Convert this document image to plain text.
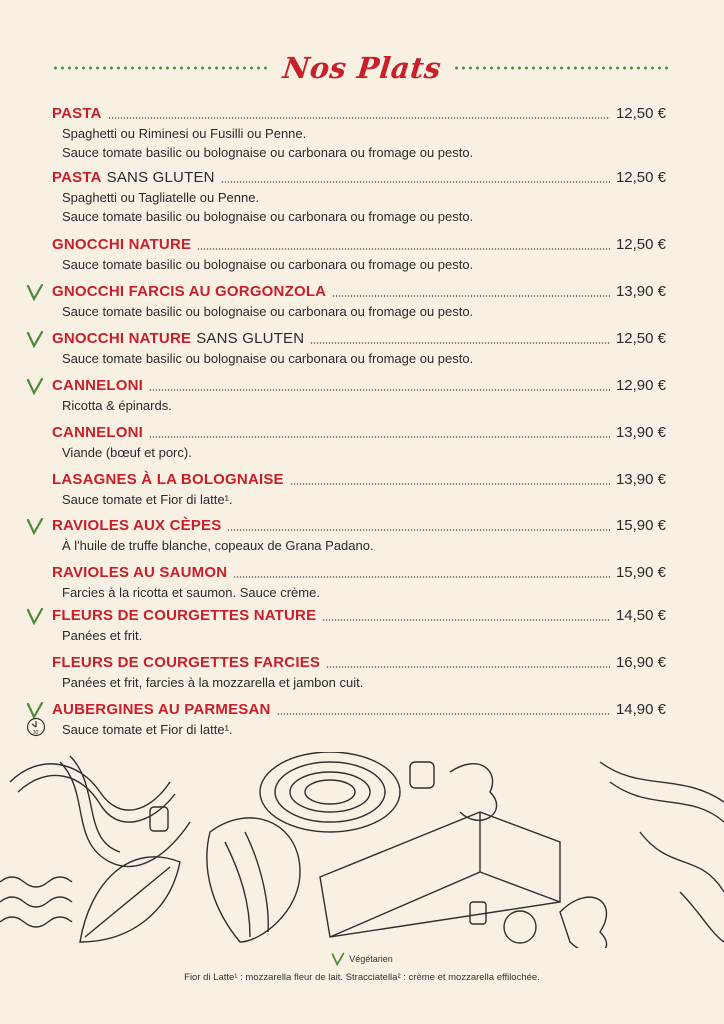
Nos Plats
PASTA	12,50 €
Spaghetti ou Riminesi ou Fusilli ou Penne.
Sauce tomate basilic ou bolognaise ou carbonara ou fromage ou pesto.
PASTA SANS GLUTEN	12,50 €
Spaghetti ou Tagliatelle ou Penne.
Sauce tomate basilic ou bolognaise ou carbonara ou fromage ou pesto.
GNOCCHI NATURE	12,50 €
Sauce tomate basilic ou bolognaise ou carbonara ou fromage ou pesto.
GNOCCHI FARCIS AU GORGONZOLA	13,90 €
Sauce tomate basilic ou bolognaise ou carbonara ou fromage ou pesto.
GNOCCHI NATURE SANS GLUTEN	12,50 €
Sauce tomate basilic ou bolognaise ou carbonara ou fromage ou pesto.
CANNELONI	12,90 €
Ricotta & épinards.
CANNELONI	13,90 €
Viande (bœuf et porc).
LASAGNES À LA BOLOGNAISE	13,90 €
Sauce tomate et Fior di latte¹.
RAVIOLES AUX CÈPES	15,90 €
À l'huile de truffe blanche, copeaux de Grana Padano.
RAVIOLES AU SAUMON	15,90 €
Farcies à la ricotta et saumon. Sauce crème.
FLEURS DE COURGETTES NATURE	14,50 €
Panées et frit.
FLEURS DE COURGETTES FARCIES	16,90 €
Panées et frit, farcies à la mozzarella et jambon cuit.
AUBERGINES AU PARMESAN	14,90 €
Sauce tomate et Fior di latte¹.
30'
Végétarien
Fior di Latte¹ : mozzarella fleur de lait. Stracciatella² : crème et mozzarella effilochée.
